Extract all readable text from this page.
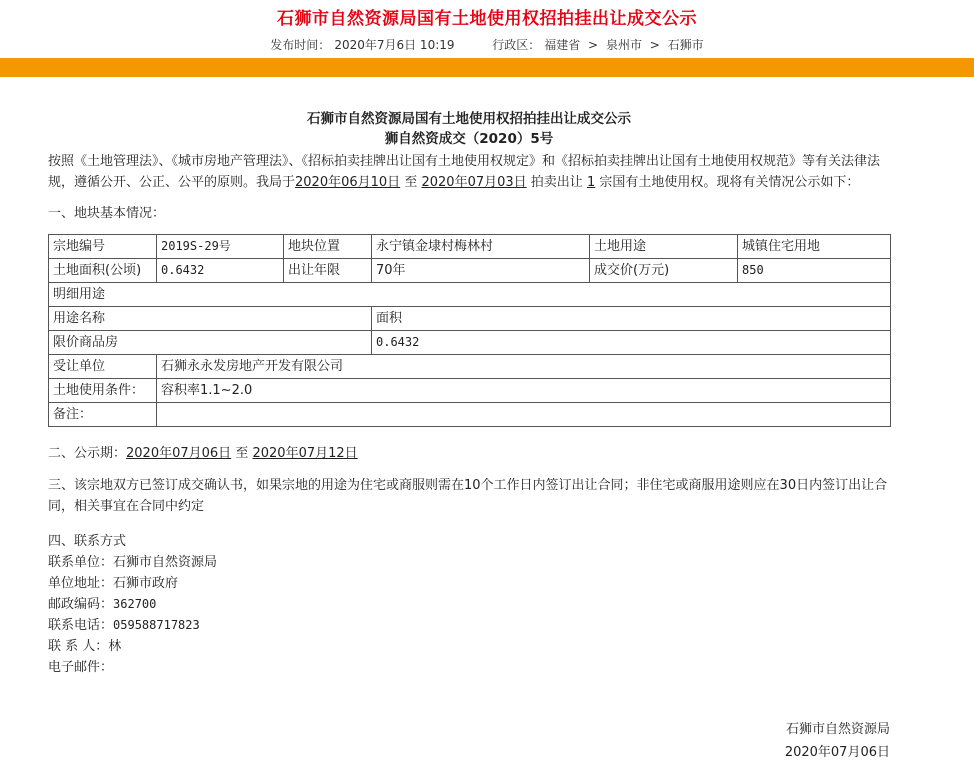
石狮市自然资源局国有土地使用权招拍挂出让成交公示
发布时间： 2020年7月6日 10:19	行政区： 福建省 > 泉州市 > 石狮市
石狮市自然资源局国有土地使用权招拍挂出让成交公示
狮自然资成交（2020）5号

按照《土地管理法》、《城市房地产管理法》、《招标拍卖挂牌出让国有土地使用权规定》和《招标拍卖挂牌出让国有土地使用权规范》等有关法律法规，遵循公开、公正、公平的原则。我局于2020年06月10日 至 2020年07月03日 拍卖出让 1 宗国有土地使用权。现将有关情况公示如下：

一、地块基本情况：
宗地编号	2019S-29号	地块位置	永宁镇金埭村梅林村	土地用途	城镇住宅用地
土地面积(公顷)	0.6432	出让年限	70年	成交价(万元)	850
明细用途					
用途名称			面积		
限价商品房			0.6432		
受让单位	石狮永永发房地产开发有限公司				
土地使用条件：	容积率1.1~2.0				
备注：					

二、公示期：2020年07月06日 至 2020年07月12日

三、该宗地双方已签订成交确认书，如果宗地的用途为住宅或商服则需在10个工作日内签订出让合同；非住宅或商服用途则应在30日内签订出让合同，相关事宜在合同中约定

四、联系方式
联系单位：石狮市自然资源局
单位地址：石狮市政府
邮政编码：362700
联系电话：059588717823
联 系 人：林
电子邮件：
石狮市自然资源局
2020年07月06日
